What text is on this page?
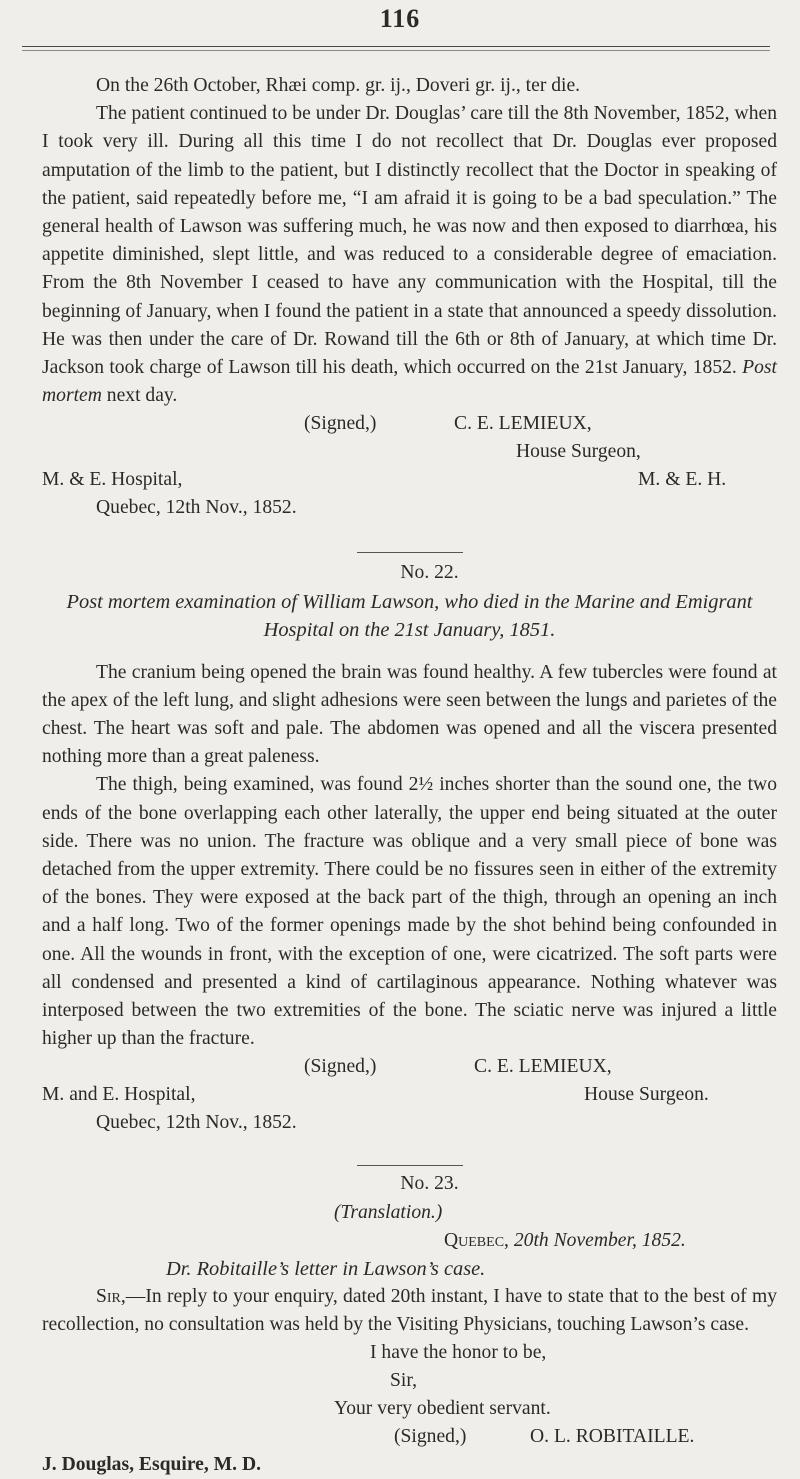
116

On the 26th October, Rhæi comp. gr. ij., Doveri gr. ij., ter die.

The patient continued to be under Dr. Douglas’ care till the 8th November, 1852, when I took very ill. During all this time I do not recollect that Dr. Douglas ever proposed amputation of the limb to the patient, but I distinctly recollect that the Doctor in speaking of the patient, said repeatedly before me, “I am afraid it is going to be a bad speculation.” The general health of Lawson was suffering much, he was now and then exposed to diarrhœa, his appetite diminished, slept little, and was reduced to a considerable degree of emaciation. From the 8th November I ceased to have any communication with the Hospital, till the beginning of January, when I found the patient in a state that announced a speedy dissolution. He was then under the care of Dr. Rowand till the 6th or 8th of January, at which time Dr. Jackson took charge of Lawson till his death, which occurred on the 21st January, 1852. Post mortem next day.

(Signed,)	C. E. LEMIEUX,
House Surgeon,
M. & E. Hospital,	M. & E. H.
Quebec, 12th Nov., 1852.
No. 22.
Post mortem examination of William Lawson, who died in the Marine and Emigrant Hospital on the 21st January, 1851.

The cranium being opened the brain was found healthy. A few tubercles were found at the apex of the left lung, and slight adhesions were seen between the lungs and parietes of the chest. The heart was soft and pale. The abdomen was opened and all the viscera presented nothing more than a great paleness.

The thigh, being examined, was found 2½ inches shorter than the sound one, the two ends of the bone overlapping each other laterally, the upper end being situated at the outer side. There was no union. The fracture was oblique and a very small piece of bone was detached from the upper extremity. There could be no fissures seen in either of the extremity of the bones. They were exposed at the back part of the thigh, through an opening an inch and a half long. Two of the former openings made by the shot behind being confounded in one. All the wounds in front, with the exception of one, were cicatrized. The soft parts were all condensed and presented a kind of cartilaginous appearance. Nothing whatever was interposed between the two extremities of the bone. The sciatic nerve was injured a little higher up than the fracture.

(Signed,)	C. E. LEMIEUX,
M. and E. Hospital,	House Surgeon.
Quebec, 12th Nov., 1852.
No. 23.
(Translation.)
Quebec, 20th November, 1852.
Dr. Robitaille’s letter in Lawson’s case.

Sir,—In reply to your enquiry, dated 20th instant, I have to state that to the best of my recollection, no consultation was held by the Visiting Physicians, touching Lawson’s case.

I have the honor to be,
Sir,
Your very obedient servant.
(Signed,)	O. L. ROBITAILLE.
J. Douglas, Esquire, M. D.
